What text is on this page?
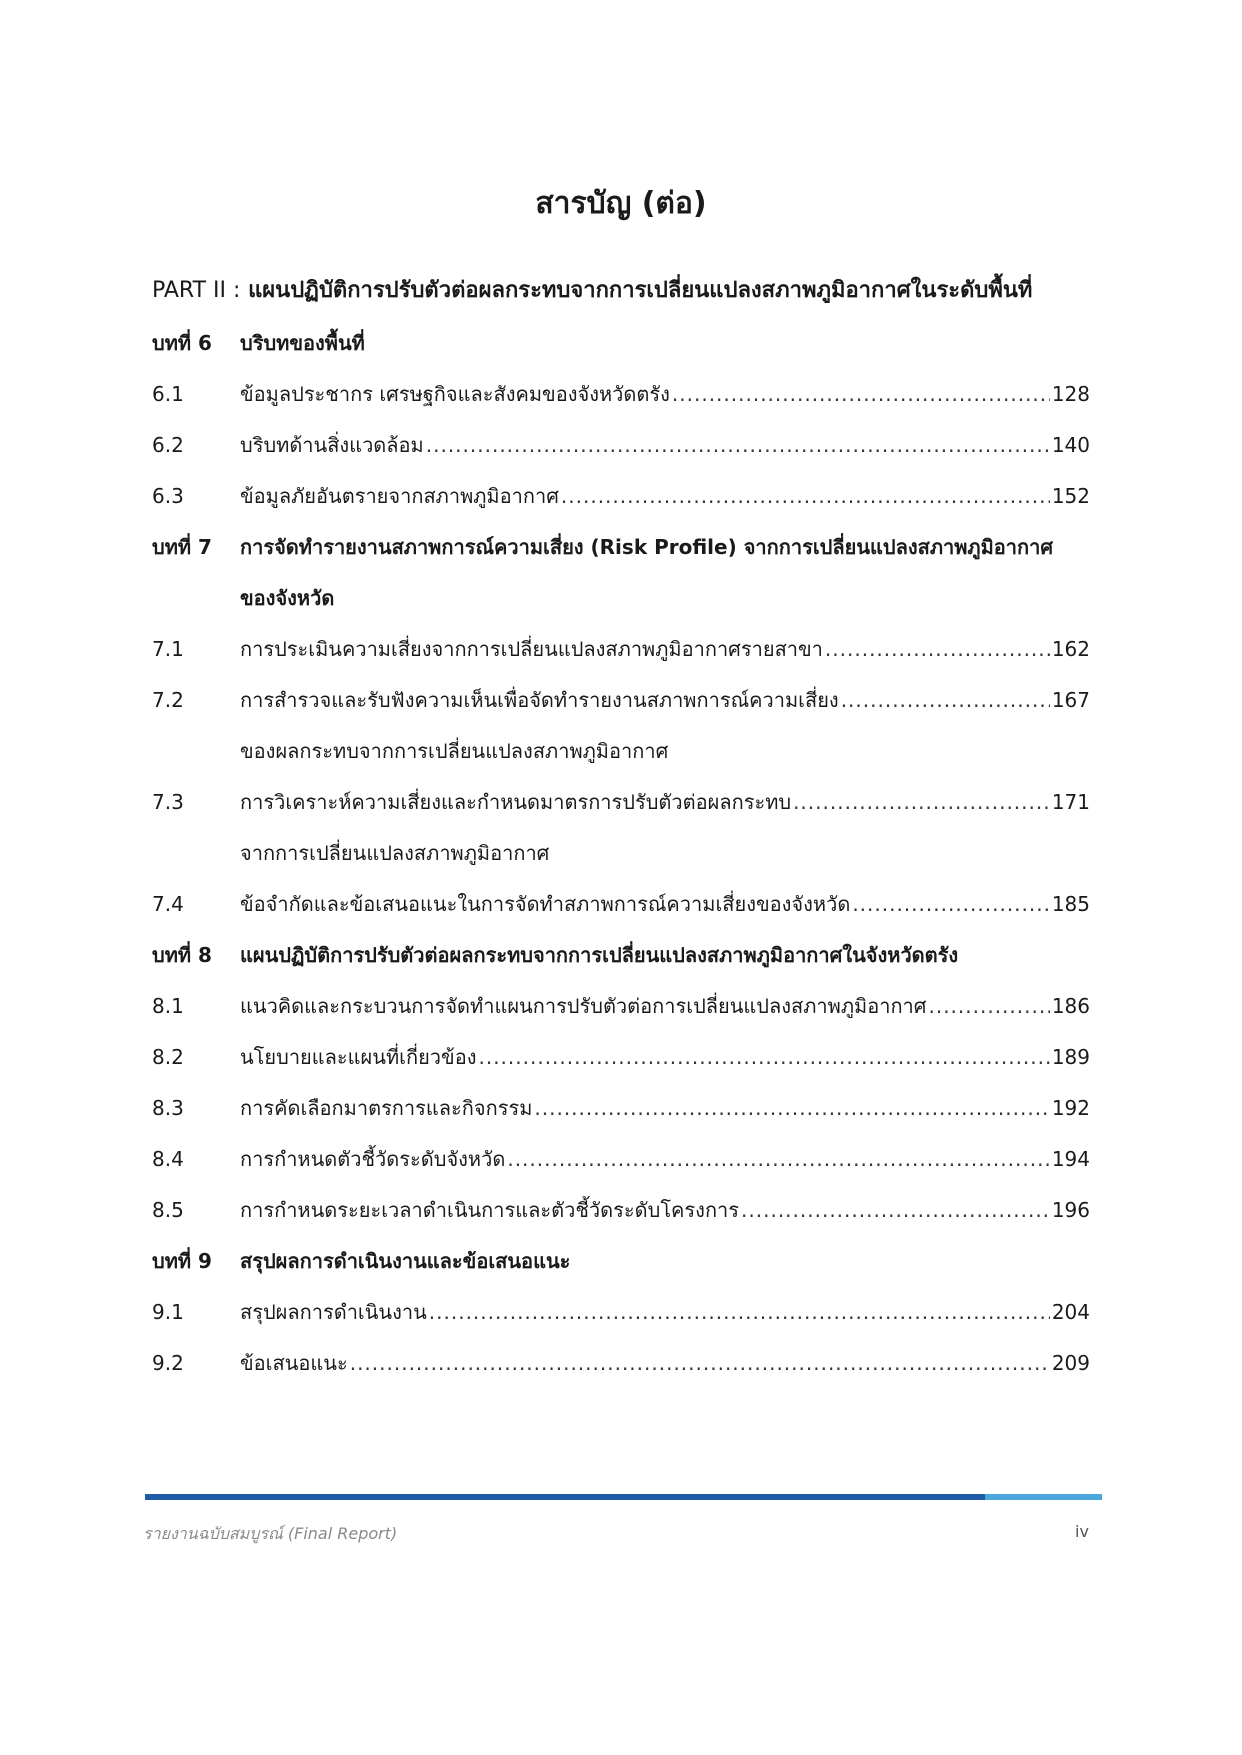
สารบัญ (ต่อ)
PART II : แผนปฏิบัติการปรับตัวต่อผลกระทบจากการเปลี่ยนแปลงสภาพภูมิอากาศในระดับพื้นที่
บทที่ 6	บริบทของพื้นที่
6.1	ข้อมูลประชากร เศรษฐกิจและสังคมของจังหวัดตรัง .....	128
6.2	บริบทด้านสิ่งแวดล้อม .....	140
6.3	ข้อมูลภัยอันตรายจากสภาพภูมิอากาศ .....	152
บทที่ 7	การจัดทำรายงานสภาพการณ์ความเสี่ยง (Risk Profile) จากการเปลี่ยนแปลงสภาพภูมิอากาศ
ของจังหวัด
7.1	การประเมินความเสี่ยงจากการเปลี่ยนแปลงสภาพภูมิอากาศรายสาขา .....	162
7.2	การสำรวจและรับฟังความเห็นเพื่อจัดทำรายงานสภาพการณ์ความเสี่ยง .....	167
ของผลกระทบจากการเปลี่ยนแปลงสภาพภูมิอากาศ
7.3	การวิเคราะห์ความเสี่ยงและกำหนดมาตรการปรับตัวต่อผลกระทบ .....	171
จากการเปลี่ยนแปลงสภาพภูมิอากาศ
7.4	ข้อจำกัดและข้อเสนอแนะในการจัดทำสภาพการณ์ความเสี่ยงของจังหวัด .....	185
บทที่ 8	แผนปฏิบัติการปรับตัวต่อผลกระทบจากการเปลี่ยนแปลงสภาพภูมิอากาศในจังหวัดตรัง
8.1	แนวคิดและกระบวนการจัดทำแผนการปรับตัวต่อการเปลี่ยนแปลงสภาพภูมิอากาศ .....	186
8.2	นโยบายและแผนที่เกี่ยวข้อง .....	189
8.3	การคัดเลือกมาตรการและกิจกรรม .....	192
8.4	การกำหนดตัวชี้วัดระดับจังหวัด .....	194
8.5	การกำหนดระยะเวลาดำเนินการและตัวชี้วัดระดับโครงการ .....	196
บทที่ 9	สรุปผลการดำเนินงานและข้อเสนอแนะ
9.1	สรุปผลการดำเนินงาน .....	204
9.2	ข้อเสนอแนะ .....	209
รายงานฉบับสมบูรณ์ (Final Report)	iv
